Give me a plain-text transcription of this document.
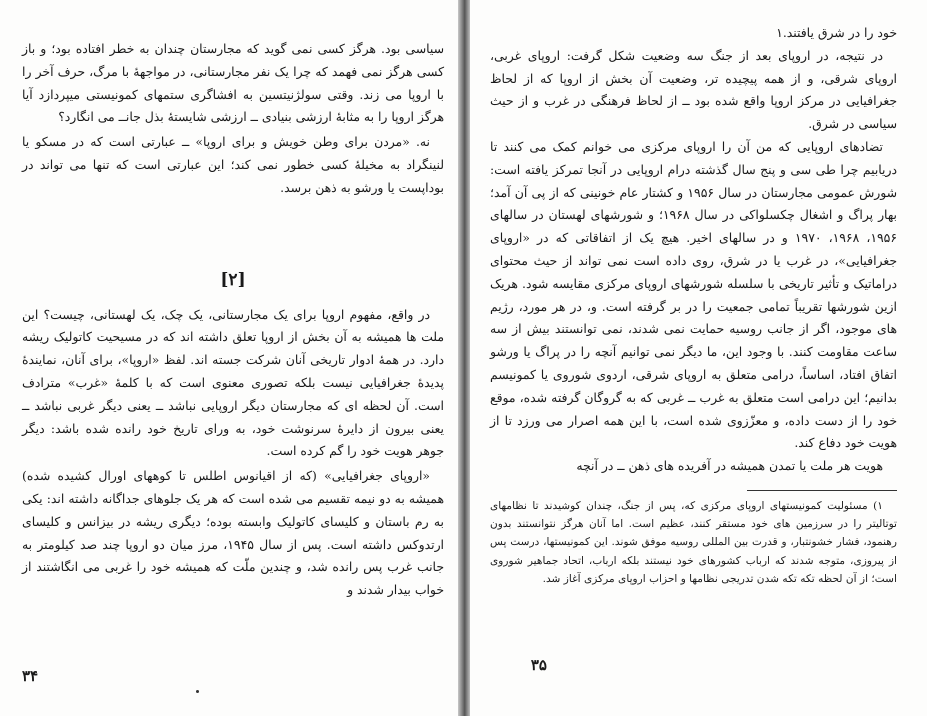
سیاسی بود. هرگز کسی نمی گوید که مجارستان چندان به خطر افتاده بود؛ و باز کسی هرگز نمی فهمد که چرا یک نفر مجارستانی، در مواجههٔ با مرگ، حرف آخر را با اروپا می زند. وقتی سولژنیتسین به افشاگری ستمهای کمونیستی میپردازد آیا هرگز اروپا را به مثابهٔ ارزشی بنیادی ــ ارزشی شایستهٔ بذل جانــ می انگارد؟

نه. «مردن برای وطن خویش و برای اروپا» ــ عبارتی است که در مسکو یا لنینگراد به مخیلهٔ کسی خطور نمی کند؛ این عبارتی است که تنها می تواند در بوداپست یا ورشو به ذهن برسد.

[۲]

در واقع، مفهوم اروپا برای یک مجارستانی، یک چک، یک لهستانی، چیست؟ این ملت ها همیشه به آن بخش از اروپا تعلق داشته اند که در مسیحیت کاتولیک ریشه دارد. در همهٔ ادوار تاریخی آنان شرکت جسته اند. لفظ «اروپا»، برای آنان، نمایندهٔ پدیدهٔ جغرافیایی نیست بلکه تصوری معنوی است که با کلمهٔ «غرب» مترادف است. آن لحظه ای که مجارستان دیگر اروپایی نباشد ــ یعنی دیگر غربی نباشد ــ یعنی بیرون از دایرهٔ سرنوشت خود، به ورای تاریخ خود رانده شده باشد: دیگر جوهر هویت خود را گم کرده است.

«اروپای جغرافیایی» (که از اقیانوس اطلس تا کوههای اورال کشیده شده) همیشه به دو نیمه تقسیم می شده است که هر یک جلوهای جداگانه داشته اند: یکی به رم باستان و کلیسای کاتولیک وابسته بوده؛ دیگری ریشه در بیزانس و کلیسای ارتدوکس داشته است. پس از سال ۱۹۴۵، مرز میان دو اروپا چند صد کیلومتر به جانب غرب پس رانده شد، و چندین ملّت که همیشه خود را غربی می انگاشتند از خواب بیدار شدند و

۳۴

خود را در شرق یافتند.۱

در نتیجه، در اروپای بعد از جنگ سه وضعیت شکل گرفت: اروپای غربی، اروپای شرقی، و از همه پیچیده تر، وضعیت آن بخش از اروپا که از لحاظ جغرافیایی در مرکز اروپا واقع شده بود ــ از لحاظ فرهنگی در غرب و از حیث سیاسی در شرق.

تضادهای اروپایی که من آن را اروپای مرکزی می خوانم کمک می کنند تا دریابیم چرا طی سی و پنج سال گذشته درام اروپایی در آنجا تمرکز یافته است: شورش عمومی مجارستان در سال ۱۹۵۶ و کشتار عام خونینی که از پی آن آمد؛ بهار پراگ و اشغال چکسلواکی در سال ۱۹۶۸؛ و شورشهای لهستان در سالهای ۱۹۵۶، ۱۹۶۸، ۱۹۷۰ و در سالهای اخیر. هیچ یک از اتفاقاتی که در «اروپای جغرافیایی»، در غرب یا در شرق، روی داده است نمی تواند از حیث محتوای دراماتیک و تأثیر تاریخی با سلسله شورشهای اروپای مرکزی مقایسه شود. هریک ازین شورشها تقریباً تمامی جمعیت را در بر گرفته است. و، در هر مورد، رژیم های موجود، اگر از جانب روسیه حمایت نمی شدند، نمی توانستند بیش از سه ساعت مقاومت کنند. با وجود این، ما دیگر نمی توانیم آنچه را در پراگ یا ورشو اتفاق افتاد، اساساً، درامی متعلق به اروپای شرقی، اردوی شوروی یا کمونیسم بدانیم؛ این درامی است متعلق به غرب ــ غربی که به گروگان گرفته شده، موقع خود را از دست داده، و معزّزوی شده است، با این همه اصرار می ورزد تا از هویت خود دفاع کند.

هویت هر ملت یا تمدن همیشه در آفریده های ذهن ــ در آنچه

۱) مسئولیت کمونیستهای اروپای مرکزی که، پس از جنگ، چندان کوشیدند تا نظامهای توتالیتر را در سرزمین های خود مستقر کنند، عظیم است. اما آنان هرگز نتوانستند بدون رهنمود، فشار خشونتبار، و قدرت بین المللی روسیه موفق شوند. این کمونیستها، درست پس از پیروزی، متوجه شدند که ارباب کشورهای خود نیستند بلکه ارباب، اتحاد جماهیر شوروی است؛ از آن لحظه تکه تکه شدن تدریجی نظامها و احزاب اروپای مرکزی آغاز شد.

۳۵
